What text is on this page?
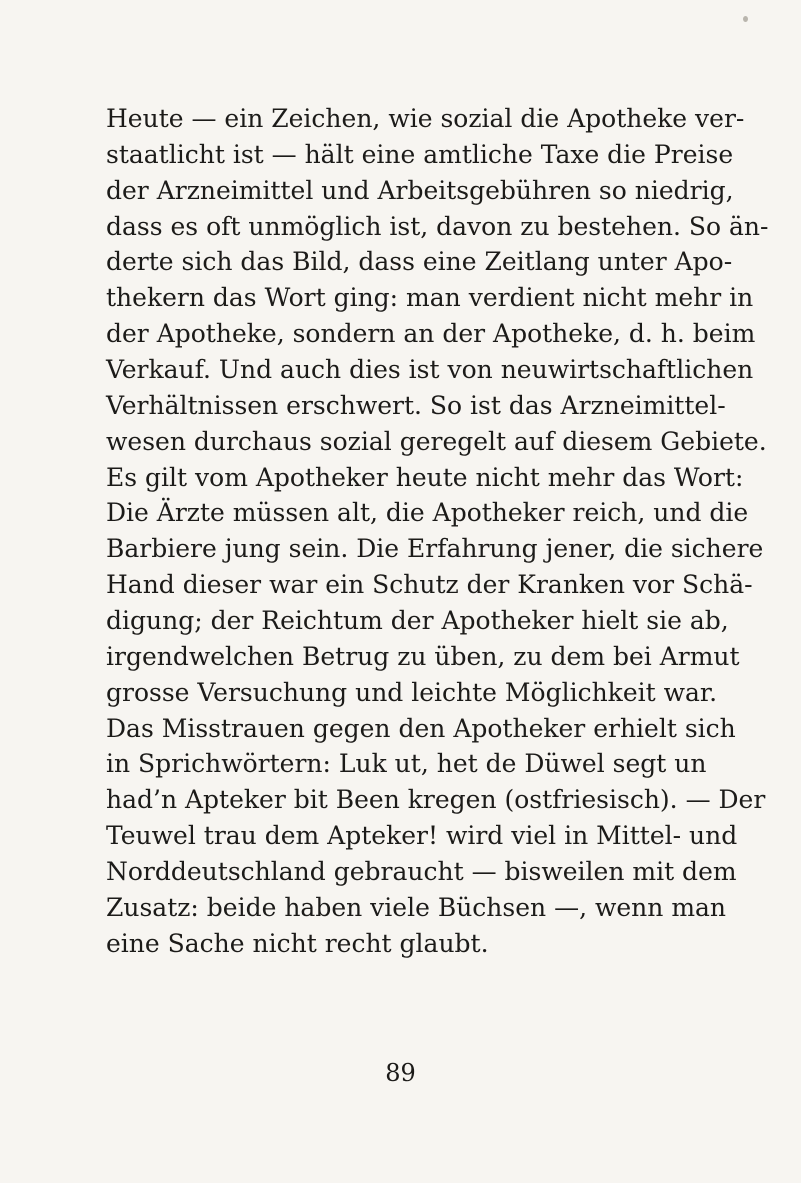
Heute — ein Zeichen, wie sozial die Apotheke ver-
staatlicht ist — hält eine amtliche Taxe die Preise
der Arzneimittel und Arbeitsgebühren so niedrig,
dass es oft unmöglich ist, davon zu bestehen. So än-
derte sich das Bild, dass eine Zeitlang unter Apo-
thekern das Wort ging: man verdient nicht mehr in
der Apotheke, sondern an der Apotheke, d. h. beim
Verkauf. Und auch dies ist von neuwirtschaftlichen
Verhältnissen erschwert. So ist das Arzneimittel-
wesen durchaus sozial geregelt auf diesem Gebiete.
Es gilt vom Apotheker heute nicht mehr das Wort:
Die Ärzte müssen alt, die Apotheker reich, und die
Barbiere jung sein. Die Erfahrung jener, die sichere
Hand dieser war ein Schutz der Kranken vor Schä-
digung; der Reichtum der Apotheker hielt sie ab,
irgendwelchen Betrug zu üben, zu dem bei Armut
grosse Versuchung und leichte Möglichkeit war.
Das Misstrauen gegen den Apotheker erhielt sich
in Sprichwörtern: Luk ut, het de Düwel segt un
had’n Apteker bit Been kregen (ostfriesisch). — Der
Teuwel trau dem Apteker! wird viel in Mittel- und
Norddeutschland gebraucht — bisweilen mit dem
Zusatz: beide haben viele Büchsen —, wenn man
eine Sache nicht recht glaubt.
89
